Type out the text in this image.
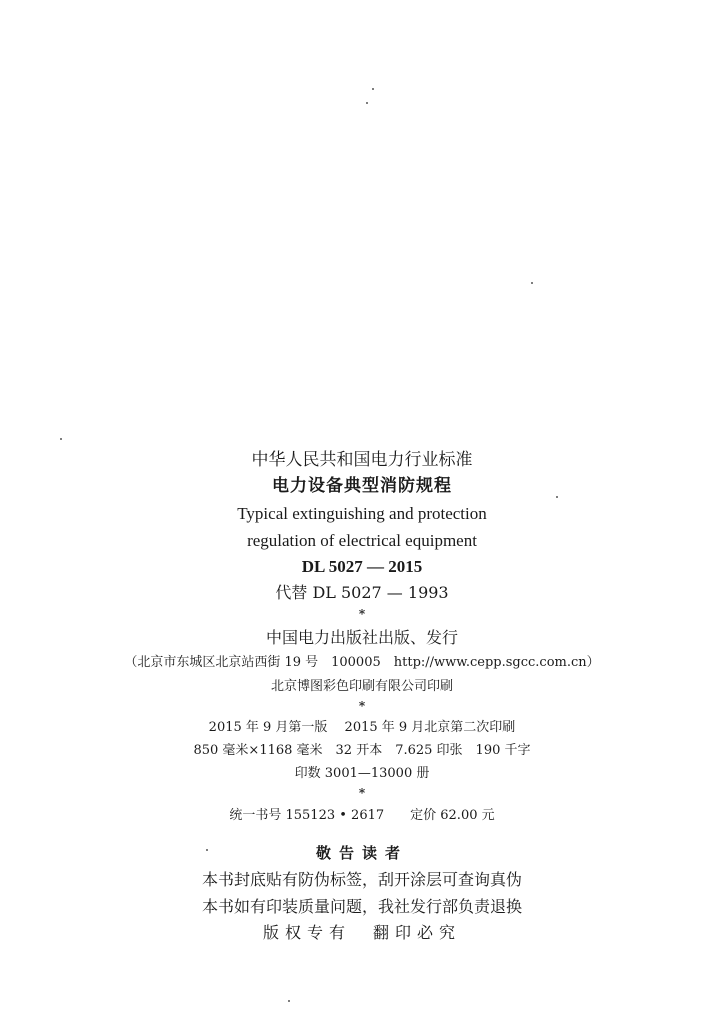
中华人民共和国电力行业标准
电力设备典型消防规程
Typical extinguishing and protection
regulation of electrical equipment
DL 5027 — 2015
代替 DL 5027 — 1993
*
中国电力出版社出版、发行
（北京市东城区北京站西街 19 号　100005　http://www.cepp.sgcc.com.cn）
北京博图彩色印刷有限公司印刷
*
2015 年 9 月第一版　 2015 年 9 月北京第二次印刷
850 毫米×1168 毫米　32 开本　7.625 印张　190 千字
印数 3001—13000 册
*
统一书号 155123 • 2617　　定价 62.00 元
敬告读者
本书封底贴有防伪标签，刮开涂层可查询真伪
本书如有印装质量问题，我社发行部负责退换
版权专有　翻印必究
